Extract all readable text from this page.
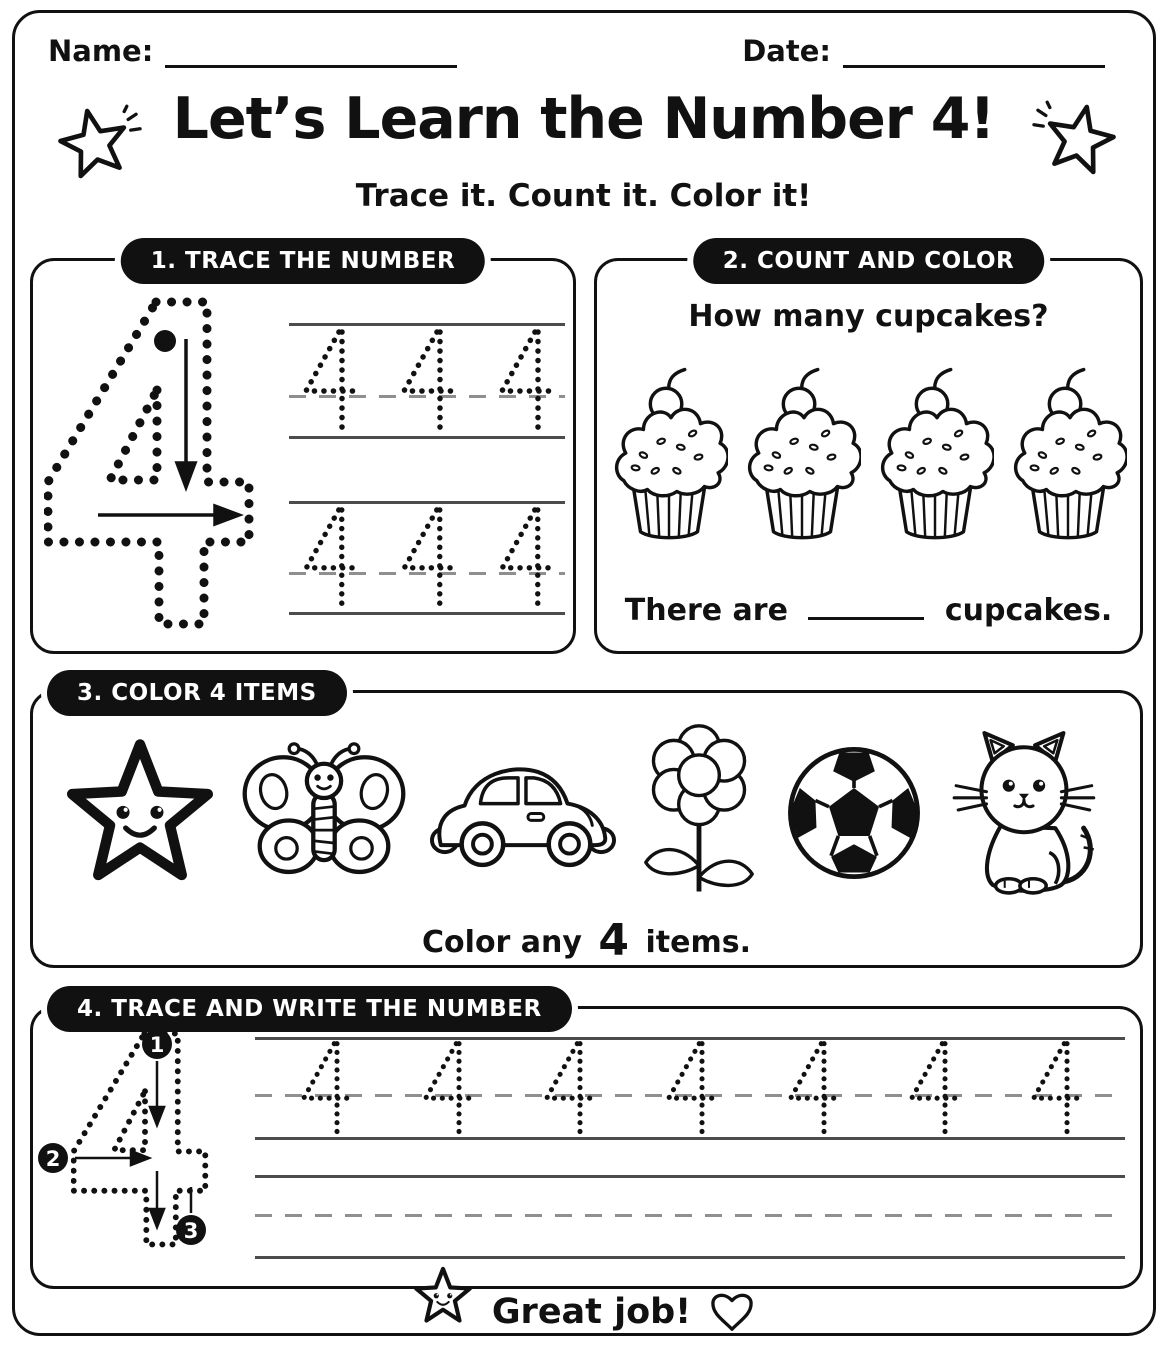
Name:	Date:
Let’s Learn the Number 4!
Trace it. Count it. Color it!
1. TRACE THE NUMBER	2. COUNT AND COLOR
How many cupcakes?
There are	cupcakes.
3. COLOR 4 ITEMS
Color any 4 items.
4. TRACE AND WRITE THE NUMBER
1
2
3
Great job!
